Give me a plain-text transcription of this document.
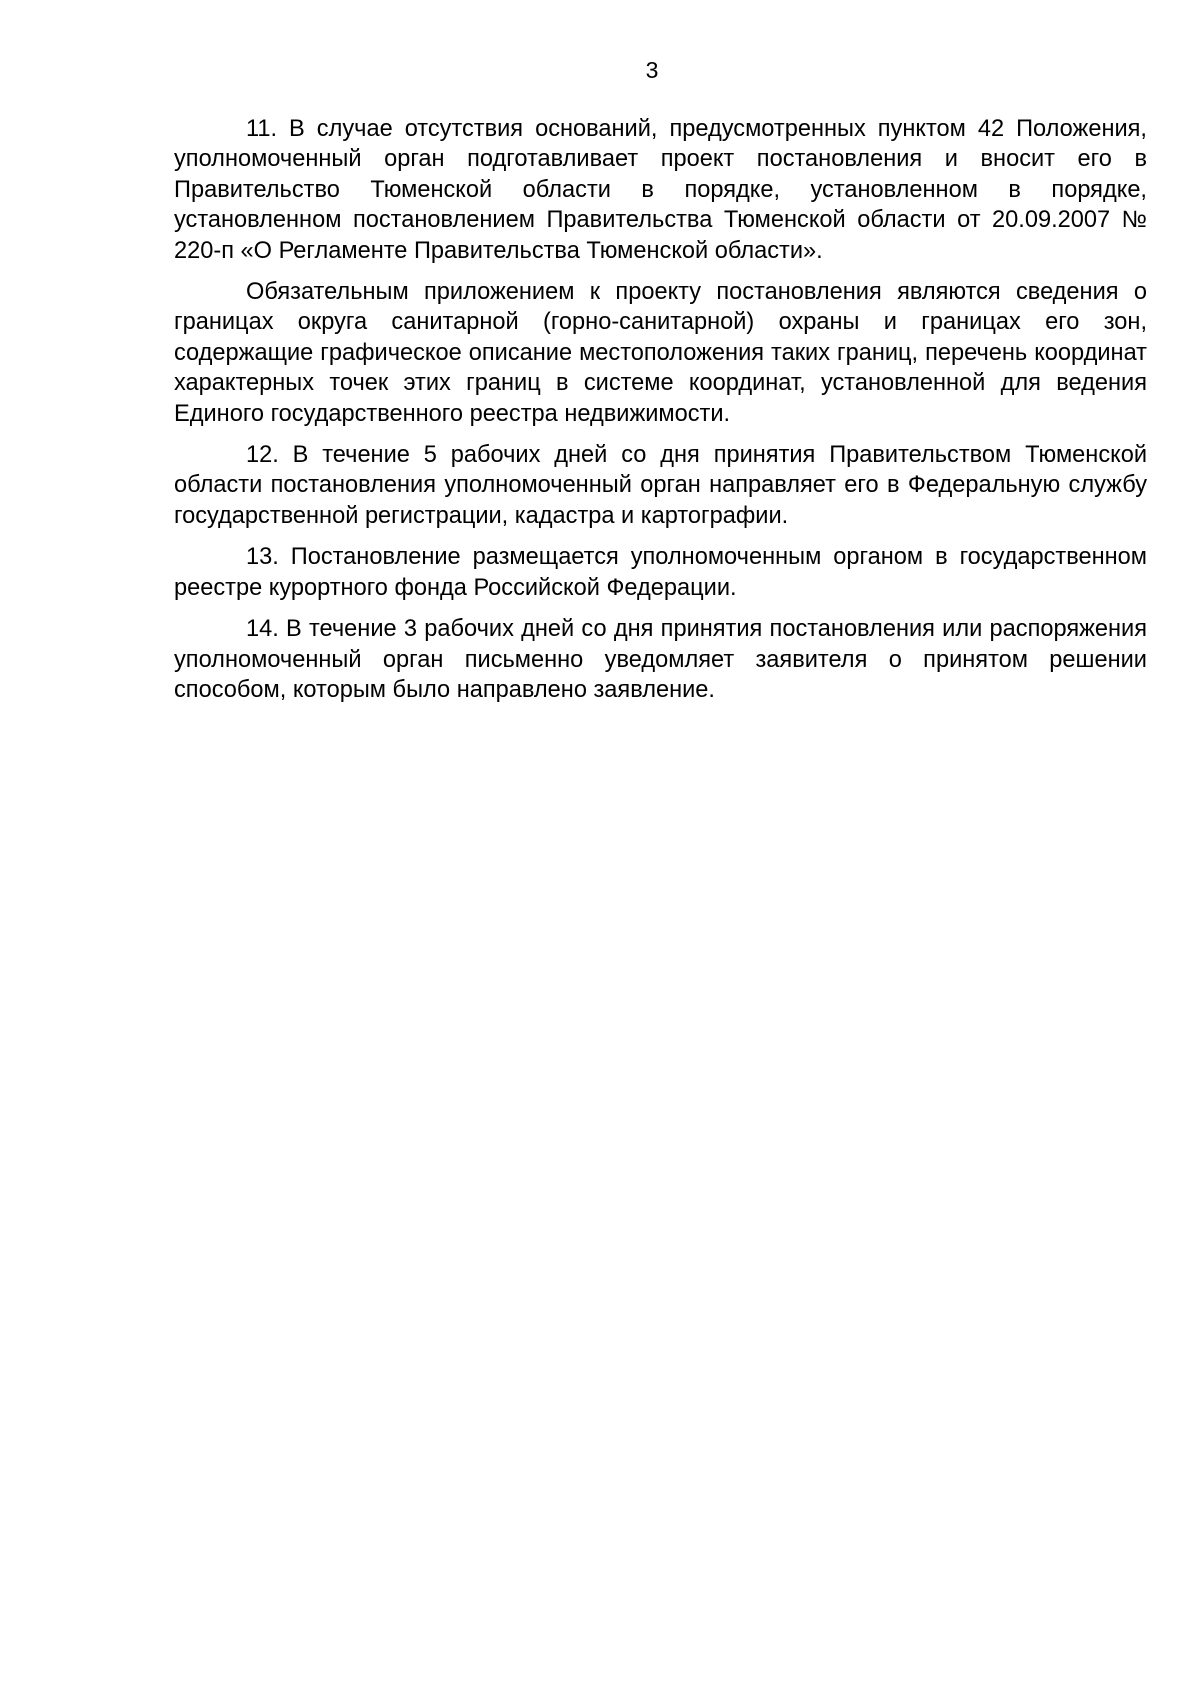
3

11. В случае отсутствия оснований, предусмотренных пунктом 42 Положения, уполномоченный орган подготавливает проект постановления и вносит его в Правительство Тюменской области в порядке, установленном в порядке, установленном постановлением Правительства Тюменской области от 20.09.2007 № 220-п «О Регламенте Правительства Тюменской области».

Обязательным приложением к проекту постановления являются сведения о границах округа санитарной (горно-санитарной) охраны и границах его зон, содержащие графическое описание местоположения таких границ, перечень координат характерных точек этих границ в системе координат, установленной для ведения Единого государственного реестра недвижимости.

12. В течение 5 рабочих дней со дня принятия Правительством Тюменской области постановления уполномоченный орган направляет его в Федеральную службу государственной регистрации, кадастра и картографии.

13. Постановление размещается уполномоченным органом в государственном реестре курортного фонда Российской Федерации.

14. В течение 3 рабочих дней со дня принятия постановления или распоряжения уполномоченный орган письменно уведомляет заявителя о принятом решении способом, которым было направлено заявление.
